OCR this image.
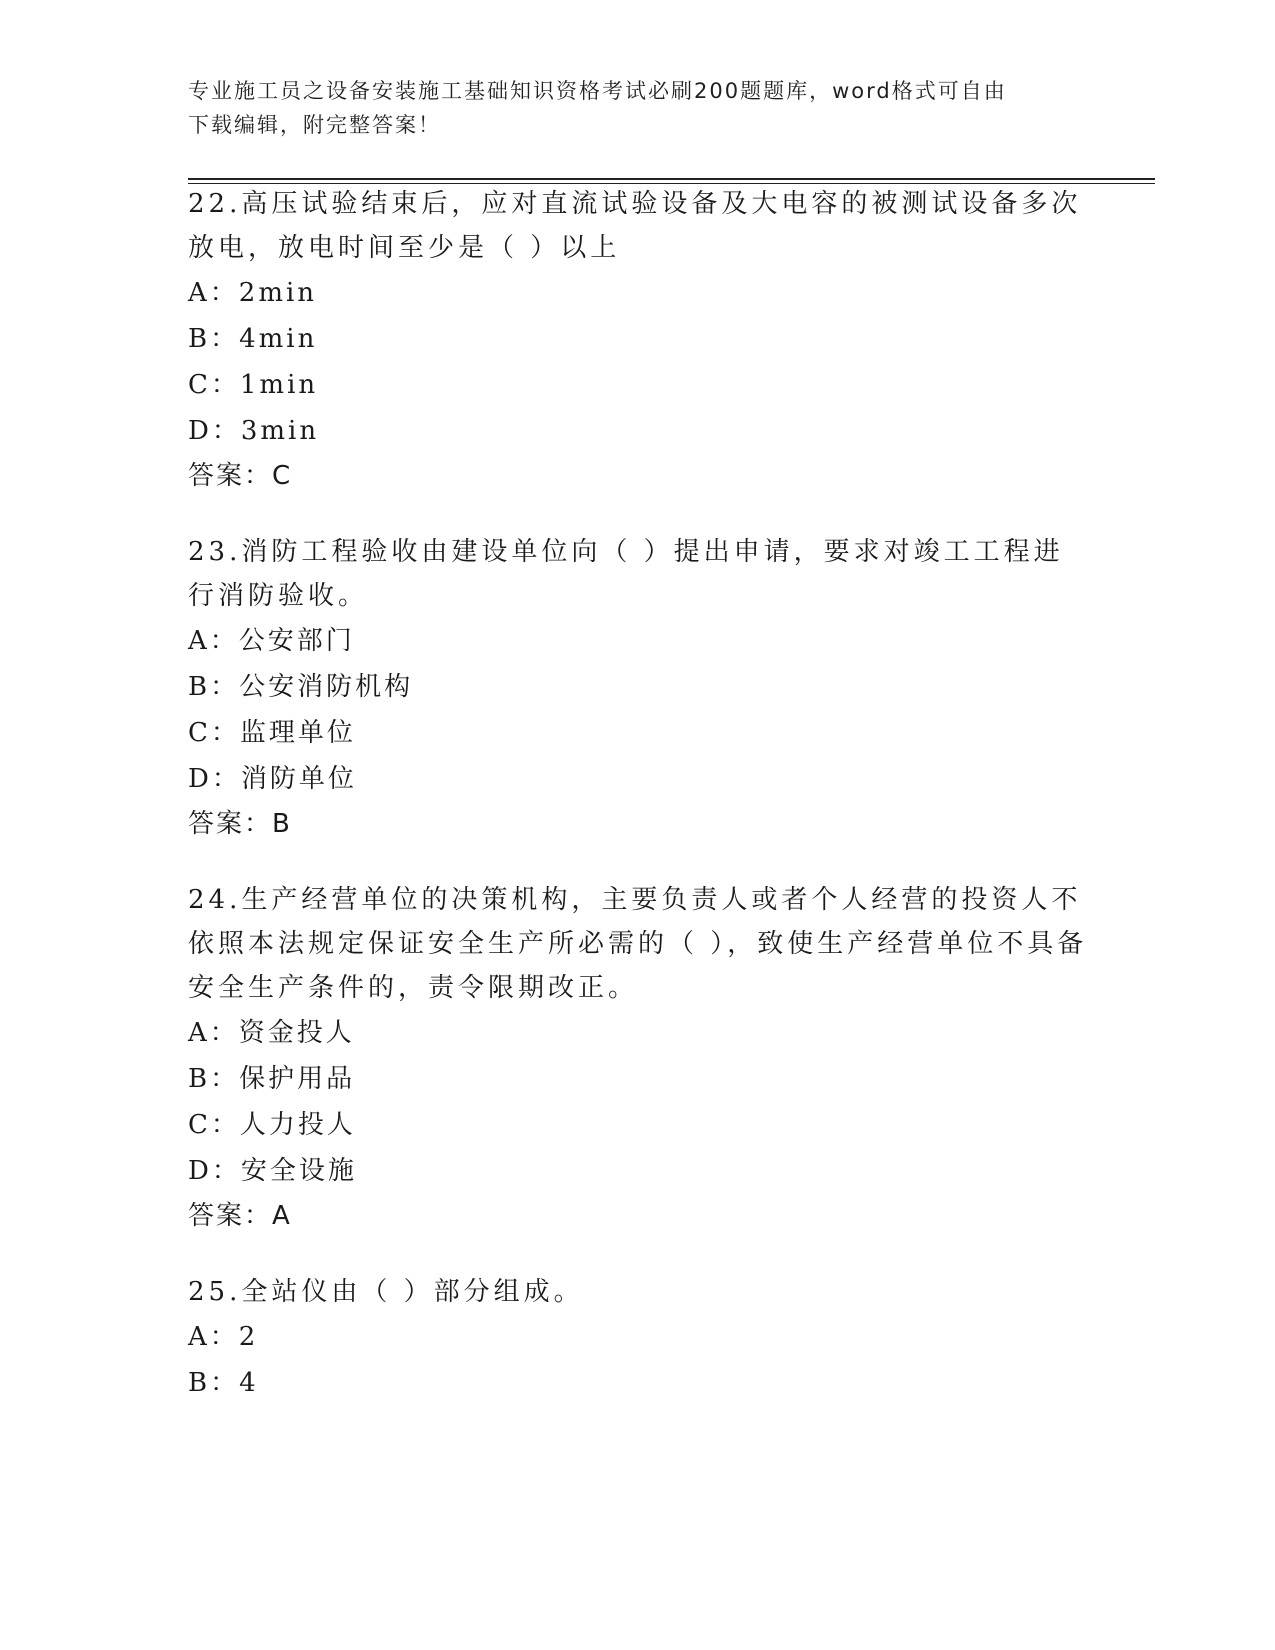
专业施工员之设备安装施工基础知识资格考试必刷200题题库，word格式可自由
下载编辑，附完整答案！

22.高压试验结束后，应对直流试验设备及大电容的被测试设备多次放电，放电时间至少是（ ）以上

A：2min

B：4min

C：1min

D：3min

答案：C

23.消防工程验收由建设单位向（ ）提出申请，要求对竣工工程进行消防验收。

A：公安部门

B：公安消防机构

C：监理单位

D：消防单位

答案：B

24.生产经营单位的决策机构，主要负责人或者个人经营的投资人不依照本法规定保证安全生产所必需的（ ），致使生产经营单位不具备安全生产条件的，责令限期改正。

A：资金投人

B：保护用品

C：人力投人

D：安全设施

答案：A

25.全站仪由（ ）部分组成。

A：2

B：4
